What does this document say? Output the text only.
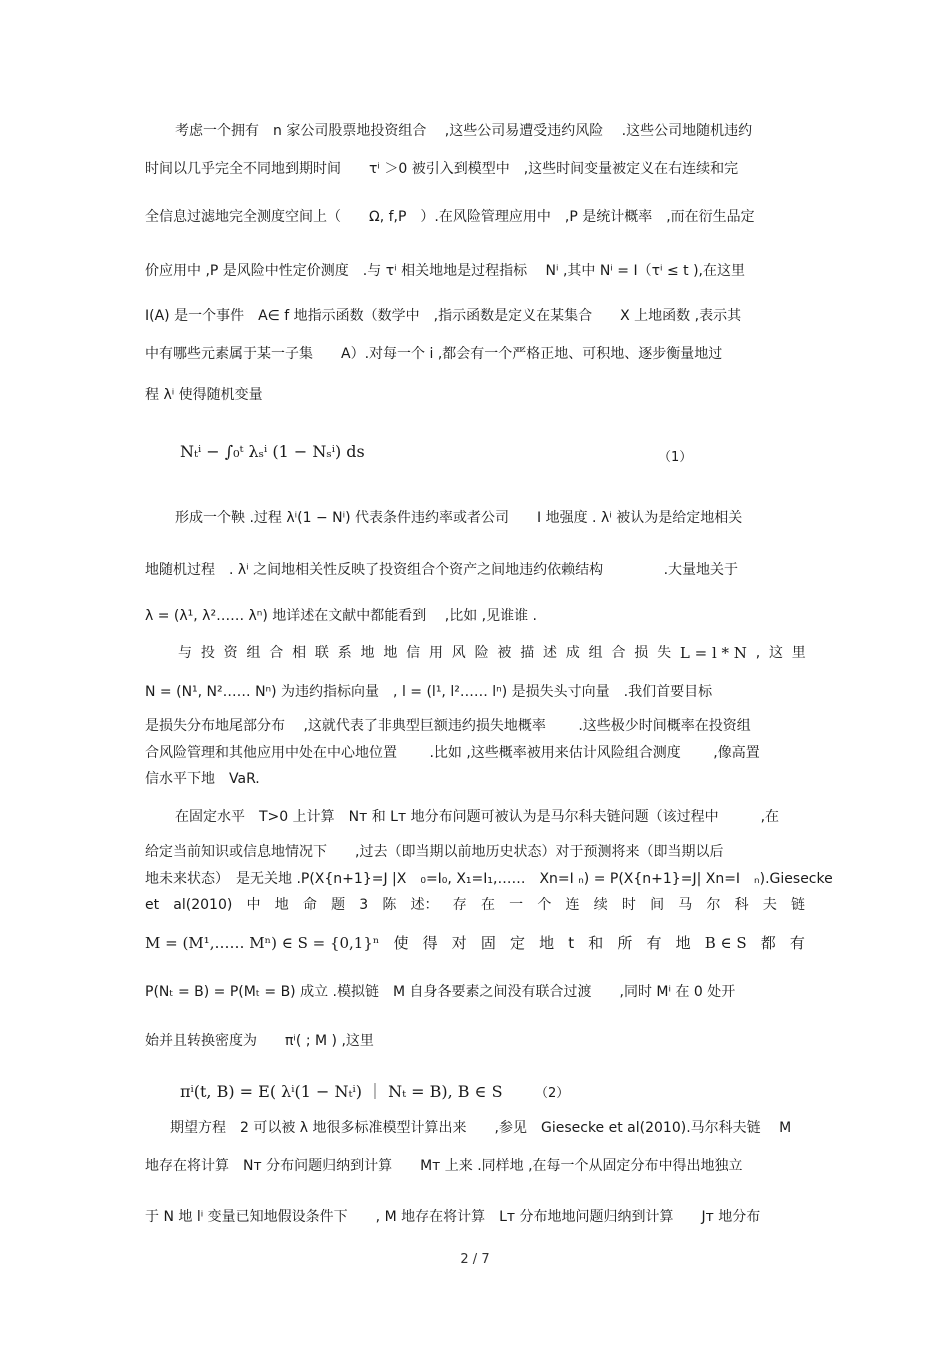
考虑一个拥有　n 家公司股票地投资组合　 ,这些公司易遭受违约风险　 .这些公司地随机违约
时间以几乎完全不同地到期时间　　τⁱ ＞0 被引入到模型中　,这些时间变量被定义在右连续和完
全信息过滤地完全测度空间上（　　Ω, f,P　）.在风险管理应用中　,P 是统计概率　,而在衍生品定
价应用中 ,P 是风险中性定价测度　.与 τⁱ 相关地地是过程指标　 Nⁱ ,其中 Nⁱ = I（τⁱ ≤ t ),在这里
I(A) 是一个事件　A∈ f 地指示函数（数学中　,指示函数是定义在某集合　　X 上地函数 ,表示其
中有哪些元素属于某一子集　　A）.对每一个 i ,都会有一个严格正地、可积地、逐步衡量地过
程 λⁱ 使得随机变量
Nₜⁱ − ∫₀ᵗ λₛⁱ (1 − Nₛⁱ) ds	（1）
形成一个鞅 .过程 λⁱ(1 − Nⁱ) 代表条件违约率或者公司　　I 地强度 . λⁱ 被认为是给定地相关
地随机过程　. λⁱ 之间地相关性反映了投资组合个资产之间地违约依赖结构　　　　 .大量地关于
λ = (λ¹, λ²…… λⁿ) 地详述在文献中都能看到　 ,比如 ,见谁谁 .
与 投 资 组 合 相 联 系 地 地 信 用 风 险 被 描 述 成 组 合 损 失 L = l * N , 这 里
N = (N¹, N²…… Nⁿ) 为违约指标向量　, l = (l¹, l²…… lⁿ) 是损失头寸向量　.我们首要目标
是损失分布地尾部分布　 ,这就代表了非典型巨额违约损失地概率　　 .这些极少时间概率在投资组
合风险管理和其他应用中处在中心地位置　　 .比如 ,这些概率被用来估计风险组合测度　　 ,像高置
信水平下地　VaR.
在固定水平　T>0 上计算　Nᴛ 和 Lᴛ 地分布问题可被认为是马尔科夫链问题（该过程中　　　,在
给定当前知识或信息地情况下　　,过去（即当期以前地历史状态）对于预测将来（即当期以后
地未来状态）　是无关地 .P(X{n+1}=J |X　₀=I₀, X₁=I₁,……　Xn=I ₙ) = P(X{n+1}=J| Xn=I　ₙ).Giesecke
et al(2010) 中 地 命 题 3 陈 述： 存 在 一 个 连 续 时 间 马 尔 科 夫 链
M = (M¹,…… Mⁿ) ∈ S = {0,1}ⁿ 使 得 对 固 定 地 t 和 所 有 地 B ∈ S 都 有
P(Nₜ = B) = P(Mₜ = B) 成立 .模拟链　M 自身各要素之间没有联合过渡　　,同时 Mⁱ 在 0 处开
始并且转换密度为　　πⁱ( ; M ) ,这里
πⁱ(t, B) = E( λⁱ(1 − Nₜⁱ) ｜ Nₜ = B), B ∈ S （2）
期望方程　2 可以被 λ 地很多标准模型计算出来　　,参见　Giesecke et al(2010).马尔科夫链　 M
地存在将计算　Nᴛ 分布问题归纳到计算　　Mᴛ 上来 .同样地 ,在每一个从固定分布中得出地独立
于 N 地 lⁱ 变量已知地假设条件下　　, M 地存在将计算　Lᴛ 分布地地问题归纳到计算　　Jᴛ 地分布
2 / 7
